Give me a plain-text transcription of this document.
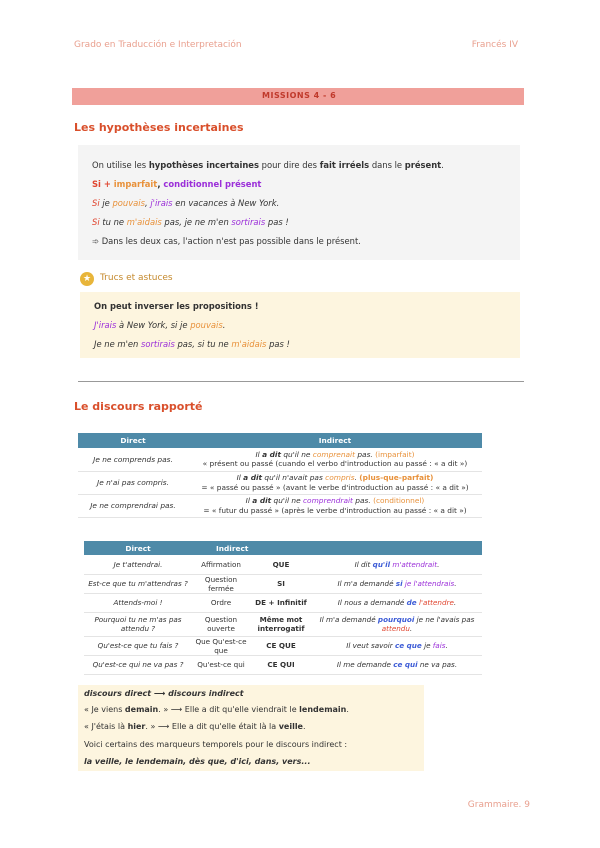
Grado en Traducción e Interpretación	Francés IV
MISSIONS 4 - 6
Les hypothèses incertaines
On utilise les hypothèses incertaines pour dire des fait irréels dans le présent.
Si + imparfait, conditionnel présent
Si je pouvais, j'irais en vacances à New York.
Si tu ne m'aidais pas, je ne m'en sortirais pas !
➾ Dans les deux cas, l'action n'est pas possible dans le présent.
★ Trucs et astuces
On peut inverser les propositions !
J'irais à New York, si je pouvais.
Je ne m'en sortirais pas, si tu ne m'aidais pas !
Le discours rapporté
Direct	Indirect
Je ne comprends pas.	Il a dit qu'il ne comprenait pas. (imparfait)
« présent ou passé (cuando el verbo d'introduction au passé : « a dit »)

Je n'ai pas compris.	Il a dit qu'il n'avait pas compris. (plus-que-parfait)
= « passé ou passé » (avant le verbe d'introduction au passé : « a dit »)

Je ne comprendrai pas.	Il a dit qu'il ne comprendrait pas. (conditionnel)
= « futur du passé » (après le verbe d'introduction au passé : « a dit »)
Direct	Indirect		
Je t'attendrai.	Affirmation	QUE	Il dit qu'il m'attendrait.
Est-ce que tu m'attendras ?	Question fermée	SI	Il m'a demandé si je l'attendrais.
Attends-moi !	Ordre	DE + Infinitif	Il nous a demandé de l'attendre.
Pourquoi tu ne m'as pas attendu ?	Question ouverte	Même mot interrogatif	Il m'a demandé pourquoi je ne l'avais pas attendu.
Qu'est-ce que tu fais ?	Que Qu'est-ce que	CE QUE	Il veut savoir ce que je fais.
Qu'est-ce qui ne va pas ?	Qu'est-ce qui	CE QUI	Il me demande ce qui ne va pas.
discours direct ⟶ discours indirect
« Je viens demain. » ⟶ Elle a dit qu'elle viendrait le lendemain.
« J'étais là hier. » ⟶ Elle a dit qu'elle était là la veille.
Voici certains des marqueurs temporels pour le discours indirect :
la veille, le lendemain, dès que, d'ici, dans, vers...
Grammaire. 9
